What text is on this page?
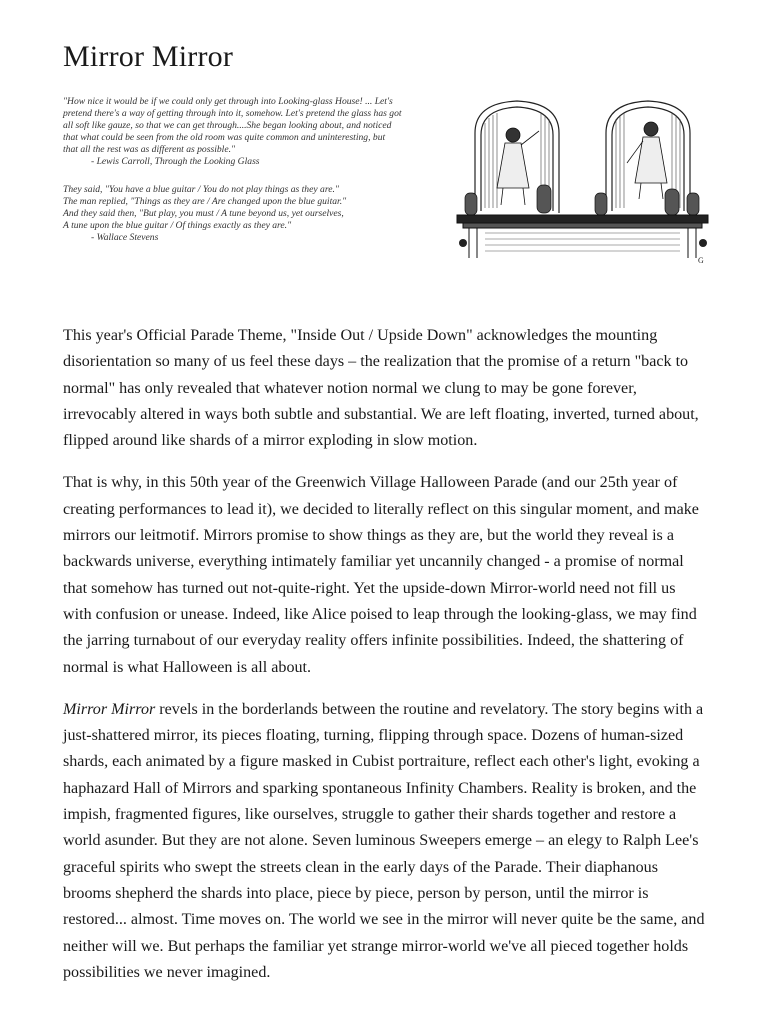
Mirror Mirror

"How nice it would be if we could only get through into Looking-glass House! ... Let's

pretend there's a way of getting through into it, somehow. Let's pretend the glass has got

all soft like gauze, so that we can get through....She began looking about, and noticed

that what could be seen from the old room was quite common and uninteresting, but

that all the rest was as different as possible."

- Lewis Carroll, Through the Looking Glass

They said, "You have a blue guitar / You do not play things as they are."

The man replied, "Things as they are / Are changed upon the blue guitar."

And they said then, "But play, you must / A tune beyond us, yet ourselves,

A tune upon the blue guitar / Of things exactly as they are."

- Wallace Stevens

G

This year's Official Parade Theme, "Inside Out / Upside Down" acknowledges the mounting disorientation so many of us feel these days – the realization that the promise of a return "back to normal" has only revealed that whatever notion normal we clung to may be gone forever, irrevocably altered in ways both subtle and substantial. We are left floating, inverted, turned about, flipped around like shards of a mirror exploding in slow motion.

That is why, in this 50th year of the Greenwich Village Halloween Parade (and our 25th year of creating performances to lead it), we decided to literally reflect on this singular moment, and make mirrors our leitmotif. Mirrors promise to show things as they are, but the world they reveal is a backwards universe, everything intimately familiar yet uncannily changed - a promise of normal that somehow has turned out not-quite-right. Yet the upside-down Mirror-world need not fill us with confusion or unease. Indeed, like Alice poised to leap through the looking-glass, we may find the jarring turnabout of our everyday reality offers infinite possibilities. Indeed, the shattering of normal is what Halloween is all about.

Mirror Mirror revels in the borderlands between the routine and revelatory. The story begins with a just-shattered mirror, its pieces floating, turning, flipping through space. Dozens of human-sized shards, each animated by a figure masked in Cubist portraiture, reflect each other's light, evoking a haphazard Hall of Mirrors and sparking spontaneous Infinity Chambers. Reality is broken, and the impish, fragmented figures, like ourselves, struggle to gather their shards together and restore a world asunder. But they are not alone. Seven luminous Sweepers emerge – an elegy to Ralph Lee's graceful spirits who swept the streets clean in the early days of the Parade. Their diaphanous brooms shepherd the shards into place, piece by piece, person by person, until the mirror is restored... almost. Time moves on. The world we see in the mirror will never quite be the same, and neither will we. But perhaps the familiar yet strange mirror-world we've all pieced together holds possibilities we never imagined.
